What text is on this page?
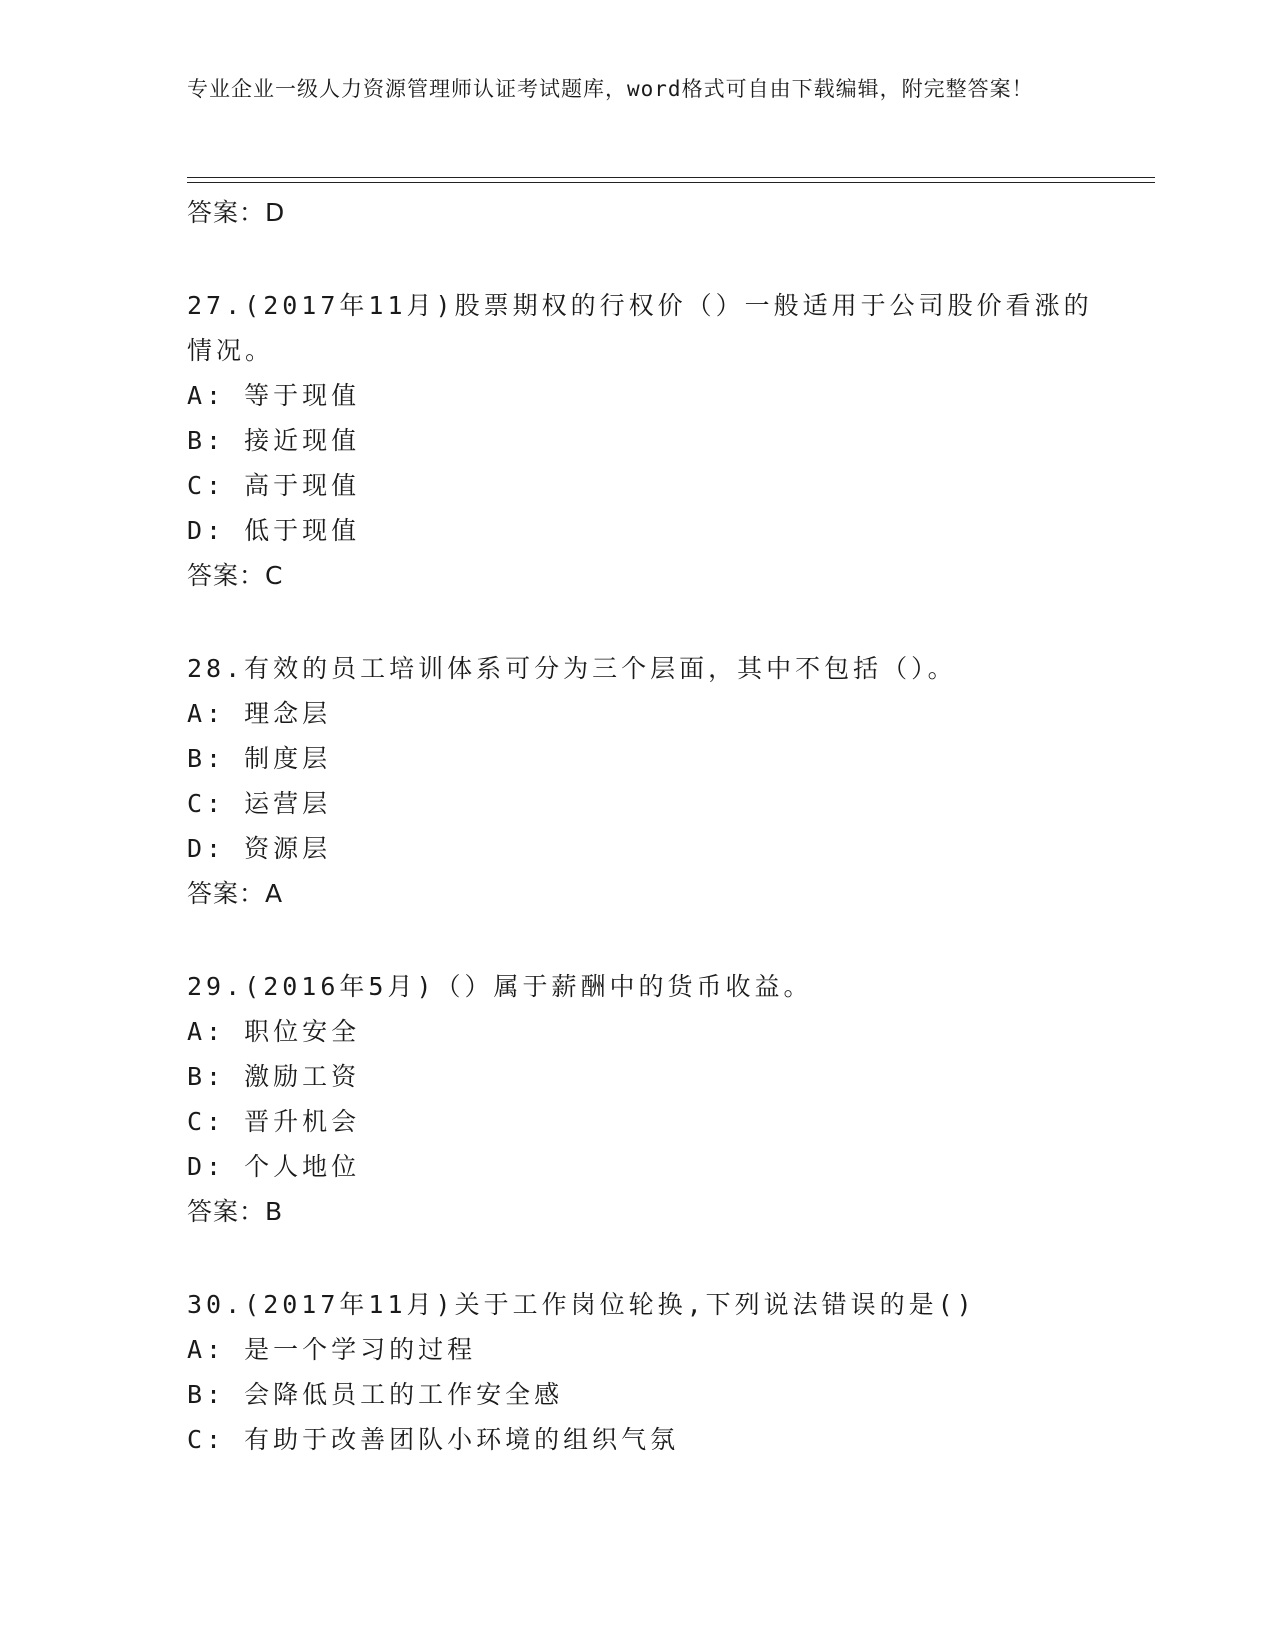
专业企业一级人力资源管理师认证考试题库，word格式可自由下载编辑，附完整答案！
答案：D
27.(2017年11月)股票期权的行权价（）一般适用于公司股价看涨的
情况。
A: 等于现值
B: 接近现值
C: 高于现值
D: 低于现值
答案：C
28.有效的员工培训体系可分为三个层面，其中不包括（）。
A: 理念层
B: 制度层
C: 运营层
D: 资源层
答案：A
29.(2016年5月)（）属于薪酬中的货币收益。
A: 职位安全
B: 激励工资
C: 晋升机会
D: 个人地位
答案：B
30.(2017年11月)关于工作岗位轮换,下列说法错误的是()
A: 是一个学习的过程
B: 会降低员工的工作安全感
C: 有助于改善团队小环境的组织气氛
